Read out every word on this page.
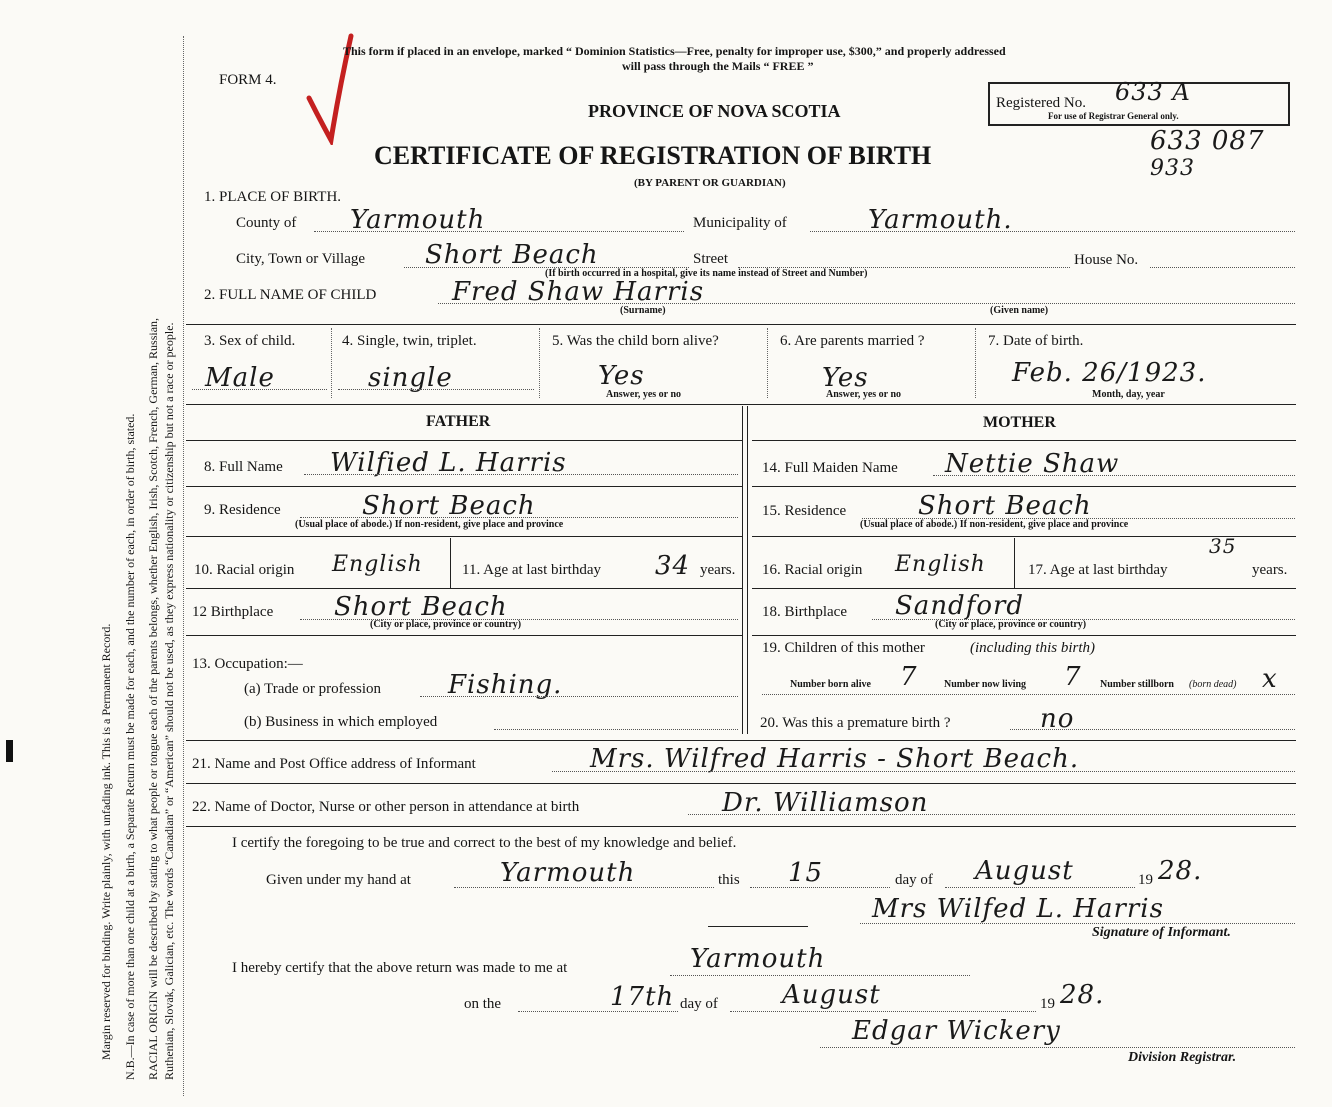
Margin reserved for binding. Write plainly, with unfading ink. This is a Permanent Record. N.B.—In case of more than one child at a birth, a Separate Return must be made for each, and the number of each, in order of birth, stated. RACIAL ORIGIN will be described by stating to what people or tongue each of the parents belongs, whether English, Irish, Scotch, French, German, Russian, Ruthenian, Slovak, Galician, etc. The words “Canadian” or “American” should not be used, as they express nationality or citizenship but not a race or people.
This form if placed in an envelope, marked “ Dominion Statistics—Free, penalty for improper use, $300,” and properly addressed
will pass through the Mails “ FREE ”
FORM 4.
PROVINCE OF NOVA SCOTIA
CERTIFICATE OF REGISTRATION OF BIRTH
(BY PARENT OR GUARDIAN)
Registered No. 633 A
For use of Registrar General only.
633 087
933
1. PLACE OF BIRTH.
County of Yarmouth	Municipality of	Yarmouth.
City, Town or Village Short Beach	Street	House No.
(If birth occurred in a hospital, give its name instead of Street and Number)
2. FULL NAME OF CHILD	Fred Shaw Harris
(Surname)	(Given name)
3. Sex of child.
Male
4. Single, twin, triplet.
single
5. Was the child born alive?
Yes
Answer, yes or no
6. Are parents married ?
Yes
Answer, yes or no
7. Date of birth.
Feb. 26/1923.
Month, day, year
FATHER	MOTHER
8. Full Name Wilfied L. Harris
9. Residence	Short Beach
(Usual place of abode.) If non-resident, give place and province
10. Racial origin English	11. Age at last birthday 34 years.
12 Birthplace Short Beach
(City or place, province or country)
13. Occupation:—
(a) Trade or profession	Fishing.
(b) Business in which employed
14. Full Maiden Name Nettie Shaw
15. Residence	Short Beach
(Usual place of abode.) If non-resident, give place and province
16. Racial origin English	17. Age at last birthday
35
years.
18. Birthplace Sandford
(City or place, province or country)
19. Children of this mother	(including this birth)
Number born alive 7	Number now living 7 Number stillborn (born dead) x
20. Was this a premature birth ?	no
21. Name and Post Office address of Informant	Mrs. Wilfred Harris - Short Beach.
22. Name of Doctor, Nurse or other person in attendance at birth	Dr. Williamson
I certify the foregoing to be true and correct to the best of my knowledge and belief.
Given under my hand at	Yarmouth	this 15	day of August	19 28.
Mrs Wilfed L. Harris
Signature of Informant.
I hereby certify that the above return was made to me at	Yarmouth
on the	17th day of August	19 28.
Edgar Wickery
Division Registrar.
